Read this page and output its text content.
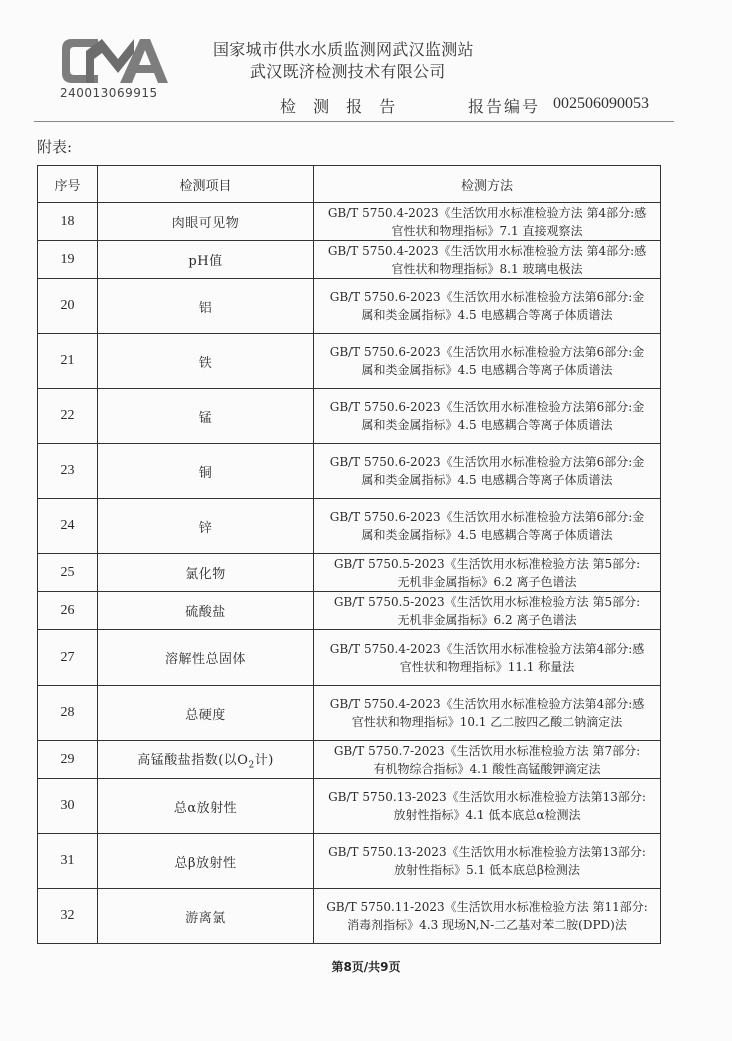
240013069915
国家城市供水水质监测网武汉监测站
武汉既济检测技术有限公司
检 测 报 告	报告编号 002506090053
附表:
序号	检测项目	检测方法
18	肉眼可见物	GB/T 5750.4-2023《生活饮用水标准检验方法 第4部分:感
官性状和物理指标》7.1 直接观察法

19	pH值	GB/T 5750.4-2023《生活饮用水标准检验方法 第4部分:感
官性状和物理指标》8.1 玻璃电极法

20	铝	GB/T 5750.6-2023《生活饮用水标准检验方法第6部分:金
属和类金属指标》4.5 电感耦合等离子体质谱法

21	铁	GB/T 5750.6-2023《生活饮用水标准检验方法第6部分:金
属和类金属指标》4.5 电感耦合等离子体质谱法

22	锰	GB/T 5750.6-2023《生活饮用水标准检验方法第6部分:金
属和类金属指标》4.5 电感耦合等离子体质谱法

23	铜	GB/T 5750.6-2023《生活饮用水标准检验方法第6部分:金
属和类金属指标》4.5 电感耦合等离子体质谱法

24	锌	GB/T 5750.6-2023《生活饮用水标准检验方法第6部分:金
属和类金属指标》4.5 电感耦合等离子体质谱法

25	氯化物	GB/T 5750.5-2023《生活饮用水标准检验方法 第5部分:
无机非金属指标》6.2 离子色谱法

26	硫酸盐	GB/T 5750.5-2023《生活饮用水标准检验方法 第5部分:
无机非金属指标》6.2 离子色谱法

27	溶解性总固体	GB/T 5750.4-2023《生活饮用水标准检验方法第4部分:感
官性状和物理指标》11.1 称量法

28	总硬度	GB/T 5750.4-2023《生活饮用水标准检验方法第4部分:感
官性状和物理指标》10.1 乙二胺四乙酸二钠滴定法

29	高锰酸盐指数(以$O_2$计)	GB/T 5750.7-2023《生活饮用水标准检验方法 第7部分:
有机物综合指标》4.1 酸性高锰酸钾滴定法

30	总α放射性	GB/T 5750.13-2023《生活饮用水标准检验方法第13部分:
放射性指标》4.1 低本底总α检测法

31	总β放射性	GB/T 5750.13-2023《生活饮用水标准检验方法第13部分:
放射性指标》5.1 低本底总β检测法

32	游离氯	GB/T 5750.11-2023《生活饮用水标准检验方法 第11部分:
消毒剂指标》4.3 现场N,N-二乙基对苯二胺(DPD)法
第8页/共9页
